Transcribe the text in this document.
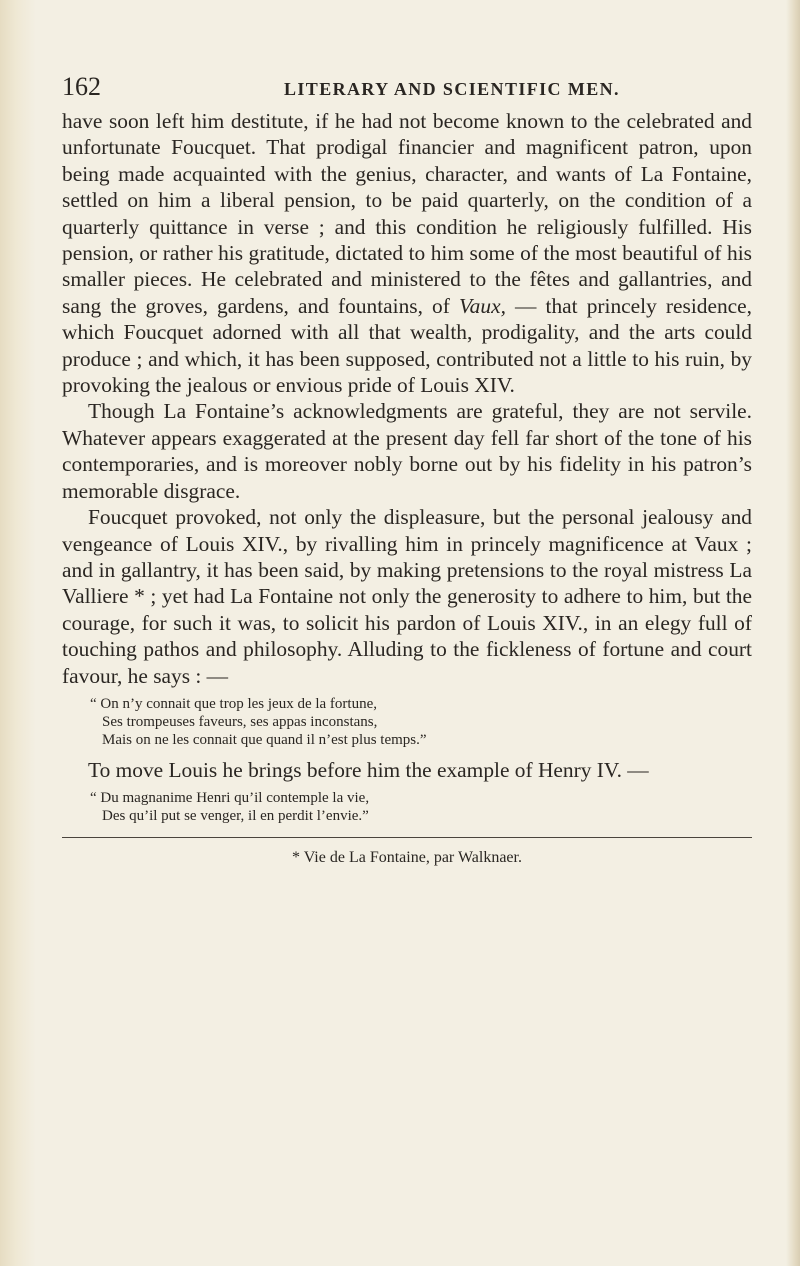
162	LITERARY AND SCIENTIFIC MEN.

have soon left him destitute, if he had not become known to the celebrated and unfortunate Foucquet. That prodigal financier and magnificent patron, upon being made acquainted with the genius, character, and wants of La Fontaine, settled on him a liberal pension, to be paid quarterly, on the condition of a quarterly quittance in verse ; and this condition he religiously fulfilled. His pension, or rather his gratitude, dictated to him some of the most beautiful of his smaller pieces. He celebrated and ministered to the fêtes and gallantries, and sang the groves, gardens, and fountains, of Vaux, — that princely residence, which Foucquet adorned with all that wealth, prodigality, and the arts could produce ; and which, it has been supposed, contributed not a little to his ruin, by provoking the jealous or envious pride of Louis XIV.

Though La Fontaine’s acknowledgments are grateful, they are not servile. Whatever appears exaggerated at the present day fell far short of the tone of his contemporaries, and is moreover nobly borne out by his fidelity in his patron’s memorable disgrace.

Foucquet provoked, not only the displeasure, but the personal jealousy and vengeance of Louis XIV., by rivalling him in princely magnificence at Vaux ; and in gallantry, it has been said, by making pretensions to the royal mistress La Valliere * ; yet had La Fontaine not only the generosity to adhere to him, but the courage, for such it was, to solicit his pardon of Louis XIV., in an elegy full of touching pathos and philosophy. Alluding to the fickleness of fortune and court favour, he says : —

“ On n’y connait que trop les jeux de la fortune,
Ses trompeuses faveurs, ses appas inconstans,
Mais on ne les connait que quand il n’est plus temps.”

To move Louis he brings before him the example of Henry IV. —

“ Du magnanime Henri qu’il contemple la vie,
Des qu’il put se venger, il en perdit l’envie.”

* Vie de La Fontaine, par Walknaer.
